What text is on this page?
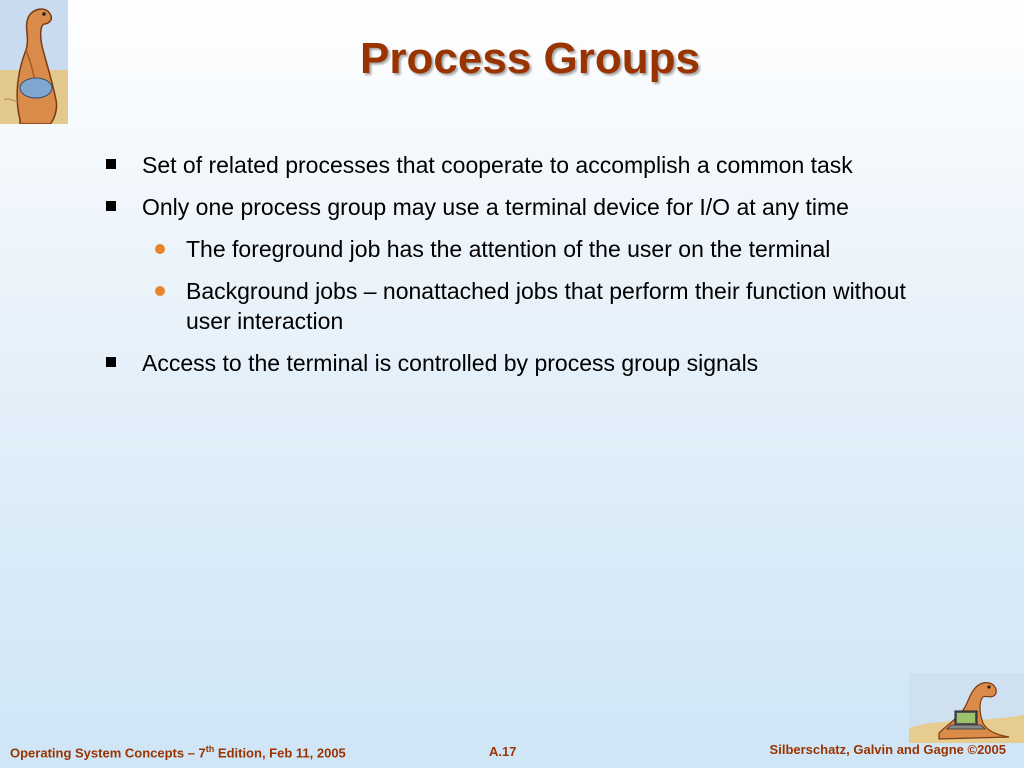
Process Groups
Set of related processes that cooperate to accomplish a common task
Only one process group may use a terminal device for I/O at any time
The foreground job has the attention of the user on the terminal
Background jobs – nonattached jobs that perform their function without user interaction
Access to the terminal is controlled by process group signals
Operating System Concepts – 7th Edition, Feb 11, 2005	A.17	Silberschatz, Galvin and Gagne ©2005
